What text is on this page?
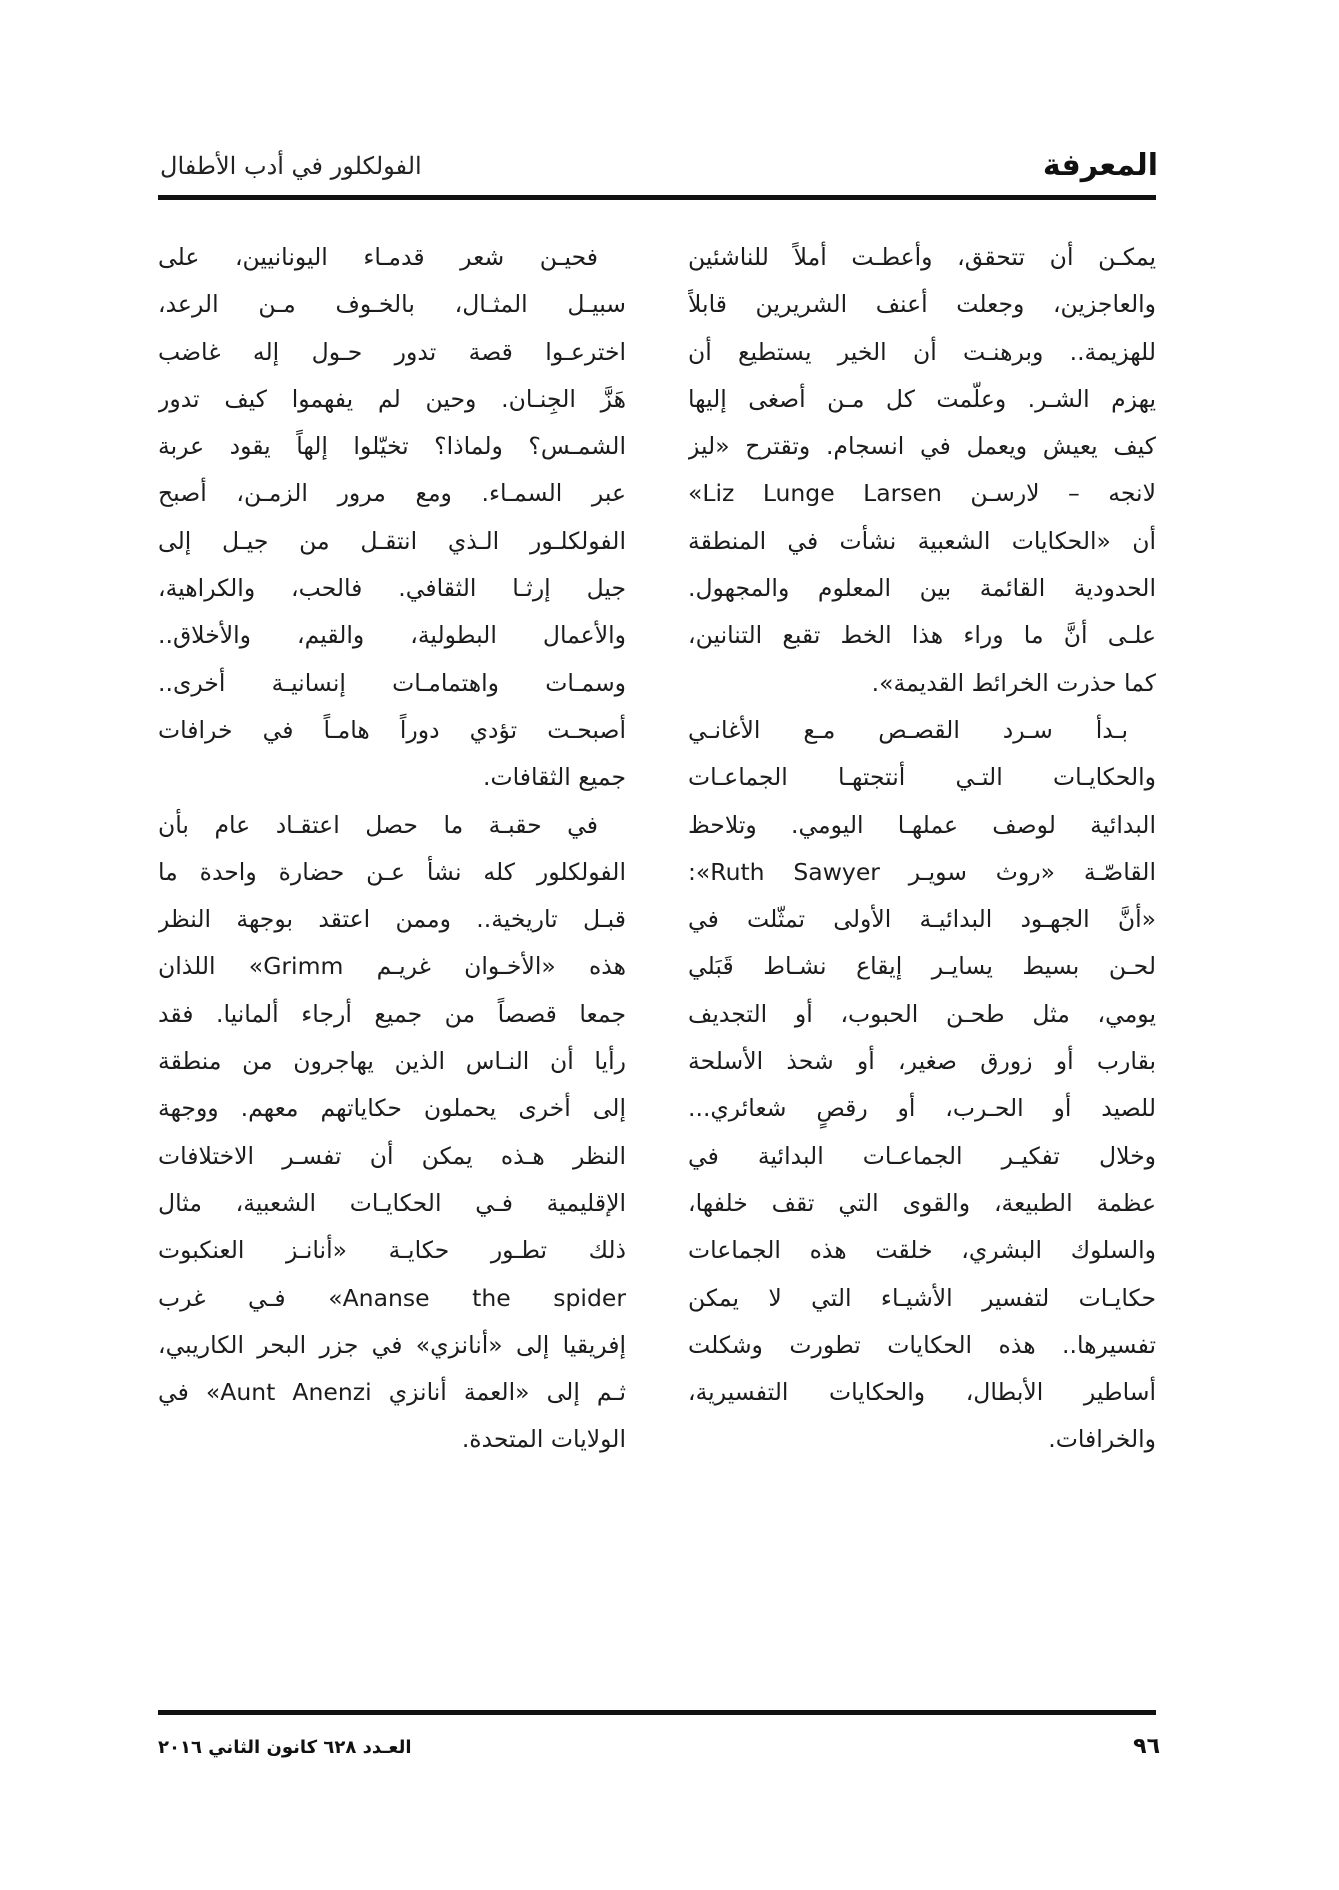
المعرفة
الفولكلور في أدب الأطفال
يمكـن أن تتحقق، وأعطـت أملاً للناشئين
والعاجزين، وجعلت أعنف الشريرين قابلاً
للهزيمة.. وبرهنـت أن الخير يستطيع أن
يهزم الشـر. وعلّمت كل مـن أصغى إليها
كيف يعيش ويعمل في انسجام. وتقترح «ليز
لانجه – لارسـن Liz Lunge Larsen»
أن «الحكايات الشعبية نشأت في المنطقة
الحدودية القائمة بين المعلوم والمجهول.
علـى أنَّ ما وراء هذا الخط تقبع التنانين،
كما حذرت الخرائط القديمة».
بـدأ سـرد القصـص مـع الأغانـي
والحكايـات التـي أنتجتهـا الجماعـات
البدائية لوصف عملهـا اليومي. وتلاحظ
القاصّـة «روث سويـر Ruth Sawyer»:
«أنَّ الجهـود البدائيـة الأولى تمثّلت في
لحـن بسيط يسايـر إيقاع نشـاط قَبَلي
يومي، مثل طحـن الحبوب، أو التجديف
بقارب أو زورق صغير، أو شحذ الأسلحة
للصيد أو الحـرب، أو رقصٍ شعائري...
وخلال تفكيـر الجماعـات البدائية في
عظمة الطبيعة، والقوى التي تقف خلفها،
والسلوك البشري، خلقت هذه الجماعات
حكايـات لتفسير الأشيـاء التي لا يمكن
تفسيرها.. هذه الحكايات تطورت وشكلت
أساطير الأبطال، والحكايات التفسيرية،
والخرافات.
فحيـن شعر قدمـاء اليونانيين، على
سبيـل المثـال، بالخـوف مـن الرعد،
اخترعـوا قصة تدور حـول إله غاضب
هَزَّ الجِنـان. وحين لم يفهموا كيف تدور
الشمـس؟ ولماذا؟ تخيّلوا إلهاً يقود عربة
عبر السمـاء. ومع مرور الزمـن، أصبح
الفولكلـور الـذي انتقـل من جيـل إلى
جيل إرثـا الثقافي. فالحب، والكراهية،
والأعمال البطولية، والقيم، والأخلاق..
وسمـات واهتمامـات إنسانيـة أخرى..
أصبحـت تؤدي دوراً هامـاً في خرافات
جميع الثقافات.
في حقبـة ما حصل اعتقـاد عام بأن
الفولكلور كله نشأ عـن حضارة واحدة ما
قبـل تاريخية.. وممن اعتقد بوجهة النظر
هذه «الأخـوان غريـم Grimm» اللذان
جمعا قصصاً من جميع أرجاء ألمانيا. فقد
رأيا أن النـاس الذين يهاجرون من منطقة
إلى أخرى يحملون حكاياتهم معهم. ووجهة
النظر هـذه يمكن أن تفسـر الاختلافات
الإقليمية فـي الحكايـات الشعبية، مثال
ذلك تطـور حكايـة «أنانـز العنكبوت
Ananse the spider» فـي غرب
إفريقيا إلى «أنانزي» في جزر البحر الكاريبي،
ثـم إلى «العمة أنانزي Aunt Anenzi» في
الولايات المتحدة.
٩٦
العـدد ٦٢٨ كانون الثاني ٢٠١٦
